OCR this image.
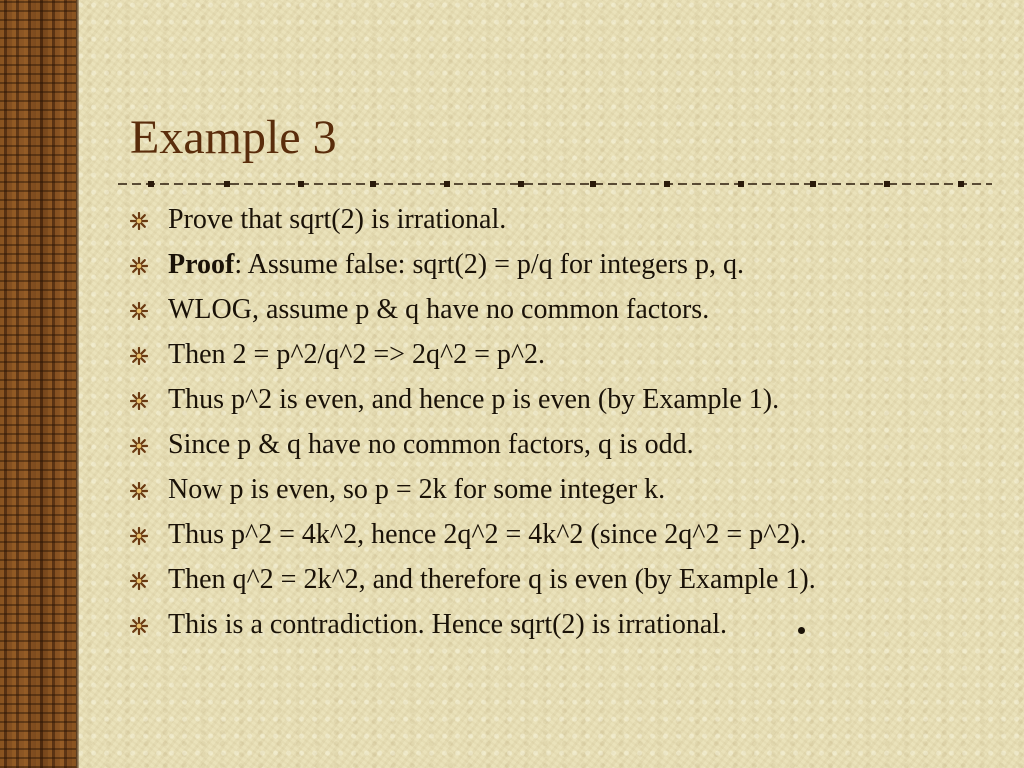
Example 3
Prove that sqrt(2) is irrational.
Proof: Assume false: sqrt(2) = p/q for integers p, q.
WLOG, assume p & q have no common factors.
Then 2 = p^2/q^2 => 2q^2 = p^2.
Thus p^2 is even, and hence p is even (by Example 1).
Since p & q have no common factors, q is odd.
Now p is even, so p = 2k for some integer k.
Thus p^2 = 4k^2, hence 2q^2 = 4k^2 (since 2q^2 = p^2).
Then q^2 = 2k^2, and therefore q is even (by Example 1).
This is a contradiction. Hence sqrt(2) is irrational.
